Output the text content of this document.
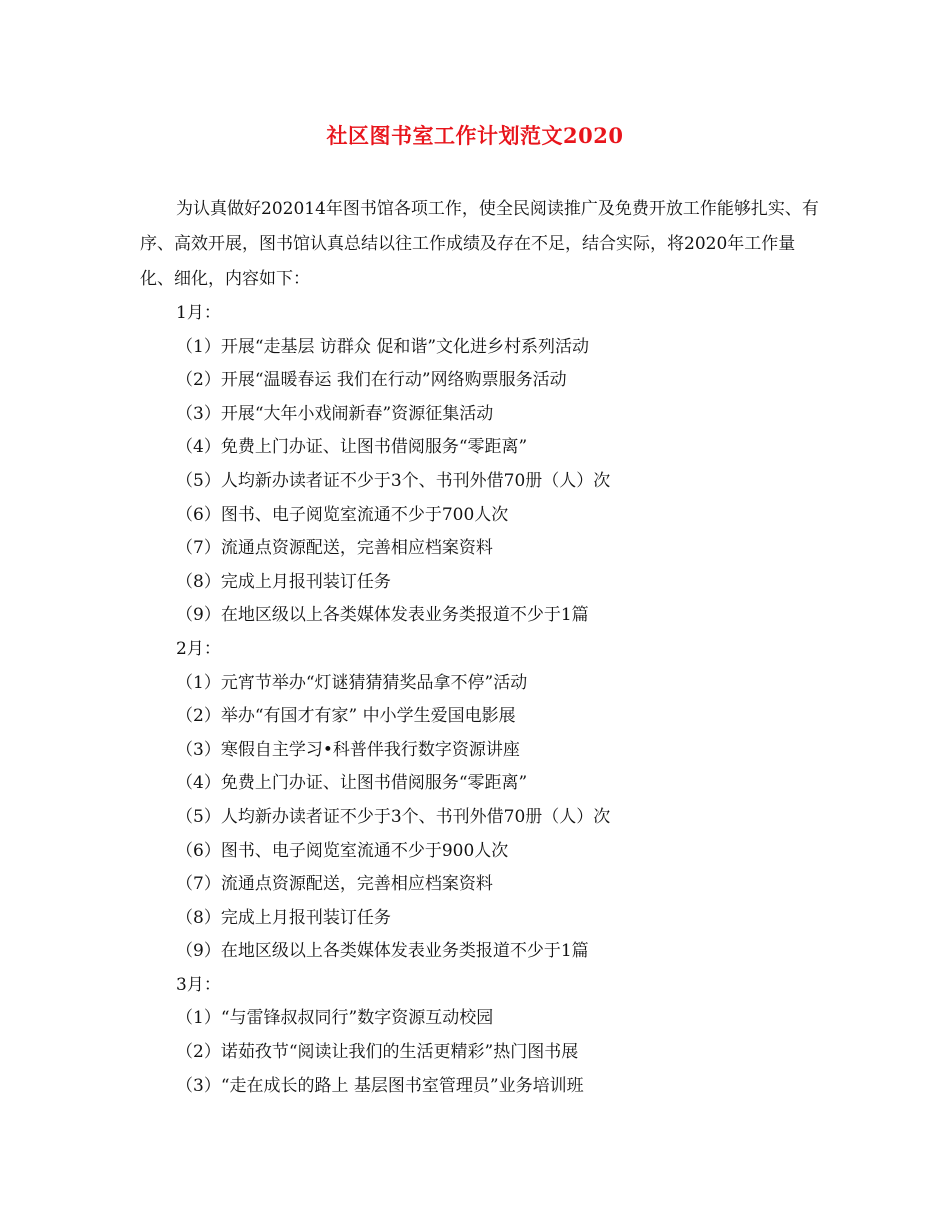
社区图书室工作计划范文2020
为认真做好202014年图书馆各项工作，使全民阅读推广及免费开放工作能够扎实、有序、高效开展，图书馆认真总结以往工作成绩及存在不足，结合实际，将2020年工作量化、细化，内容如下：
1月：
（1）开展“走基层 访群众 促和谐”文化进乡村系列活动
（2）开展“温暖春运 我们在行动”网络购票服务活动
（3）开展“大年小戏闹新春”资源征集活动
（4）免费上门办证、让图书借阅服务“零距离”
（5）人均新办读者证不少于3个、书刊外借70册（人）次
（6）图书、电子阅览室流通不少于700人次
（7）流通点资源配送，完善相应档案资料
（8）完成上月报刊装订任务
（9）在地区级以上各类媒体发表业务类报道不少于1篇
2月：
（1）元宵节举办“灯谜猜猜猜奖品拿不停”活动
（2）举办“有国才有家” 中小学生爱国电影展
（3）寒假自主学习•科普伴我行数字资源讲座
（4）免费上门办证、让图书借阅服务“零距离”
（5）人均新办读者证不少于3个、书刊外借70册（人）次
（6）图书、电子阅览室流通不少于900人次
（7）流通点资源配送，完善相应档案资料
（8）完成上月报刊装订任务
（9）在地区级以上各类媒体发表业务类报道不少于1篇
3月：
（1）“与雷锋叔叔同行”数字资源互动校园
（2）诺茹孜节“阅读让我们的生活更精彩”热门图书展
（3）“走在成长的路上 基层图书室管理员”业务培训班
